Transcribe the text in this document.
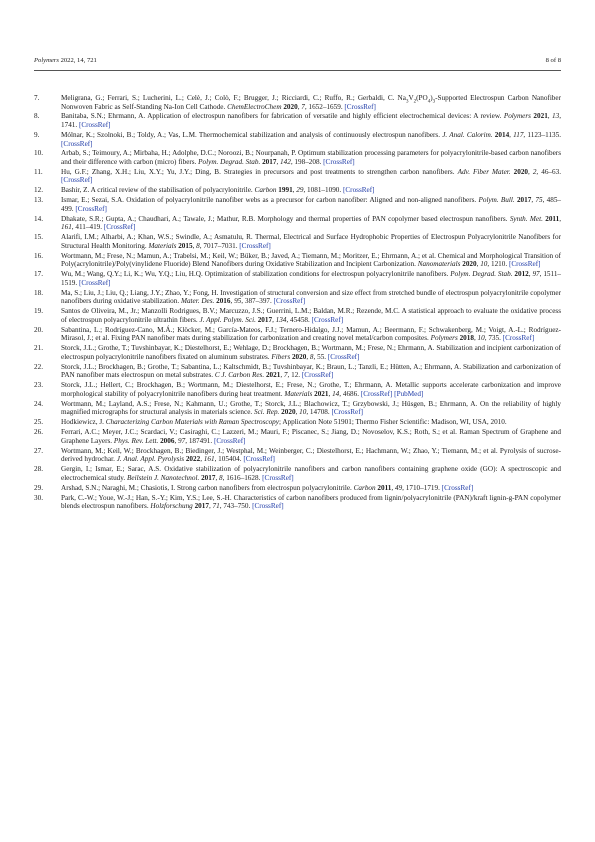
Polymers 2022, 14, 721	8 of 8
7.	Meligrana, G.; Ferrari, S.; Lucherini, L.; Celè, J.; Colò, F.; Brugger, J.; Ricciardi, C.; Ruffo, R.; Gerbaldi, C. $Na_3V_2(PO_4)_3$-Supported Electrospun Carbon Nanofiber Nonwoven Fabric as Self-Standing Na-Ion Cell Cathode. ChemElectroChem 2020, 7, 1652–1659. [CrossRef]
8.	Banitaba, S.N.; Ehrmann, A. Application of electrospun nanofibers for fabrication of versatile and highly efficient electrochemical devices: A review. Polymers 2021, 13, 1741. [CrossRef]
9.	Mólnar, K.; Szolnoki, B.; Toldy, A.; Vas, L.M. Thermochemical stabilization and analysis of continuously electrospun nanofibers. J. Anal. Calorim. 2014, 117, 1123–1135. [CrossRef]
10.	Arbab, S.; Teimoury, A.; Mirbaha, H.; Adolphe, D.C.; Noroozi, B.; Nourpanah, P. Optimum stabilization processing parameters for polyacrylonitrile-based carbon nanofibers and their difference with carbon (micro) fibers. Polym. Degrad. Stab. 2017, 142, 198–208. [CrossRef]
11.	Hu, G.F.; Zhang, X.H.; Liu, X.Y.; Yu, J.Y.; Ding, B. Strategies in precursors and post treatments to strengthen carbon nanofibers. Adv. Fiber Mater. 2020, 2, 46–63. [CrossRef]
12.	Bashir, Z. A critical review of the stabilisation of polyacrylonitrile. Carbon 1991, 29, 1081–1090. [CrossRef]
13.	Ismar, E.; Sezai, S.A. Oxidation of polyacrylonitrile nanofiber webs as a precursor for carbon nanofiber: Aligned and non-aligned nanofibers. Polym. Bull. 2017, 75, 485–499. [CrossRef]
14.	Dhakate, S.R.; Gupta, A.; Chaudhari, A.; Tawale, J.; Mathur, R.B. Morphology and thermal properties of PAN copolymer based electrospun nanofibers. Synth. Met. 2011, 161, 411–419. [CrossRef]
15.	Alarifi, I.M.; Alharbi, A.; Khan, W.S.; Swindle, A.; Asmatulu, R. Thermal, Electrical and Surface Hydrophobic Properties of Electrospun Polyacrylonitrile Nanofibers for Structural Health Monitoring. Materials 2015, 8, 7017–7031. [CrossRef]
16.	Wortmann, M.; Frese, N.; Mamun, A.; Trabelsi, M.; Keil, W.; Büker, B.; Javed, A.; Tiemann, M.; Moritzer, E.; Ehrmann, A.; et al. Chemical and Morphological Transition of Poly(acrylonitrile)/Poly(vinylidene Fluoride) Blend Nanofibers during Oxidative Stabilization and Incipient Carbonization. Nanomaterials 2020, 10, 1210. [CrossRef]
17.	Wu, M.; Wang, Q.Y.; Li, K.; Wu, Y.Q.; Liu, H.Q. Optimization of stabilization conditions for electrospun polyacrylonitrile nanofibers. Polym. Degrad. Stab. 2012, 97, 1511–1519. [CrossRef]
18.	Ma, S.; Liu, J.; Liu, Q.; Liang, J.Y.; Zhao, Y.; Fong, H. Investigation of structural conversion and size effect from stretched bundle of electrospun polyacrylonitrile copolymer nanofibers during oxidative stabilization. Mater. Des. 2016, 95, 387–397. [CrossRef]
19.	Santos de Oliveira, M., Jr.; Manzolli Rodrigues, B.V.; Marcuzzo, J.S.; Guerrini, L.M.; Baldan, M.R.; Rezende, M.C. A statistical approach to evaluate the oxidative process of electrospun polyacrylonitrile ultrathin fibers. J. Appl. Polym. Sci. 2017, 134, 45458. [CrossRef]
20.	Sabantina, L.; Rodríguez-Cano, M.Á.; Klöcker, M.; García-Mateos, F.J.; Ternero-Hidalgo, J.J.; Mamun, A.; Beermann, F.; Schwakenberg, M.; Voigt, A.-L.; Rodríguez-Mirasol, J.; et al. Fixing PAN nanofiber mats during stabilization for carbonization and creating novel metal/carbon composites. Polymers 2018, 10, 735. [CrossRef]
21.	Storck, J.L.; Grothe, T.; Tuvshinbayar, K.; Diestelhorst, E.; Wehlage, D.; Brockhagen, B.; Wortmann, M.; Frese, N.; Ehrmann, A. Stabilization and incipient carbonization of electrospun polyacrylonitrile nanofibers fixated on aluminum substrates. Fibers 2020, 8, 55. [CrossRef]
22.	Storck, J.L.; Brockhagen, B.; Grothe, T.; Sabantina, L.; Kaltschmidt, B.; Tuvshinbayar, K.; Braun, L.; Tanzli, E.; Hütten, A.; Ehrmann, A. Stabilization and carbonization of PAN nanofiber mats electrospun on metal substrates. C J. Carbon Res. 2021, 7, 12. [CrossRef]
23.	Storck, J.L.; Hellert, C.; Brockhagen, B.; Wortmann, M.; Diestelhorst, E.; Frese, N.; Grothe, T.; Ehrmann, A. Metallic supports accelerate carbonization and improve morphological stability of polyacrylonitrile nanofibers during heat treatment. Materials 2021, 14, 4686. [CrossRef] [PubMed]
24.	Wortmann, M.; Layland, A.S.; Frese, N.; Kahmann, U.; Grothe, T.; Storck, J.L.; Blachowicz, T.; Grzybowski, J.; Hüsgen, B.; Ehrmann, A. On the reliability of highly magnified micrographs for structural analysis in materials science. Sci. Rep. 2020, 10, 14708. [CrossRef]
25.	Hodkiewicz, J. Characterizing Carbon Materials with Raman Spectroscopy; Application Note 51901; Thermo Fisher Scientific: Madison, WI, USA, 2010.
26.	Ferrari, A.C.; Meyer, J.C.; Scardaci, V.; Casiraghi, C.; Lazzeri, M.; Mauri, F.; Piscanec, S.; Jiang, D.; Novoselov, K.S.; Roth, S.; et al. Raman Spectrum of Graphene and Graphene Layers. Phys. Rev. Lett. 2006, 97, 187491. [CrossRef]
27.	Wortmann, M.; Keil, W.; Brockhagen, B.; Biedinger, J.; Westphal, M.; Weinberger, C.; Diestelhorst, E.; Hachmann, W.; Zhao, Y.; Tiemann, M.; et al. Pyrolysis of sucrose-derived hydrochar. J. Anal. Appl. Pyrolysis 2022, 161, 105404. [CrossRef]
28.	Gergin, I.; Ismar, E.; Sarac, A.S. Oxidative stabilization of polyacrylonitrile nanofibers and carbon nanofibers containing graphene oxide (GO): A spectroscopic and electrochemical study. Beilstein J. Nanotechnol. 2017, 8, 1616–1628. [CrossRef]
29.	Arshad, S.N.; Naraghi, M.; Chasiotis, I. Strong carbon nanofibers from electrospun polyacrylonitrile. Carbon 2011, 49, 1710–1719. [CrossRef]
30.	Park, C.-W.; Youe, W.-J.; Han, S.-Y.; Kim, Y.S.; Lee, S.-H. Characteristics of carbon nanofibers produced from lignin/polyacrylonitrile (PAN)/kraft lignin-g-PAN copolymer blends electrospun nanofibers. Holzforschung 2017, 71, 743–750. [CrossRef]
